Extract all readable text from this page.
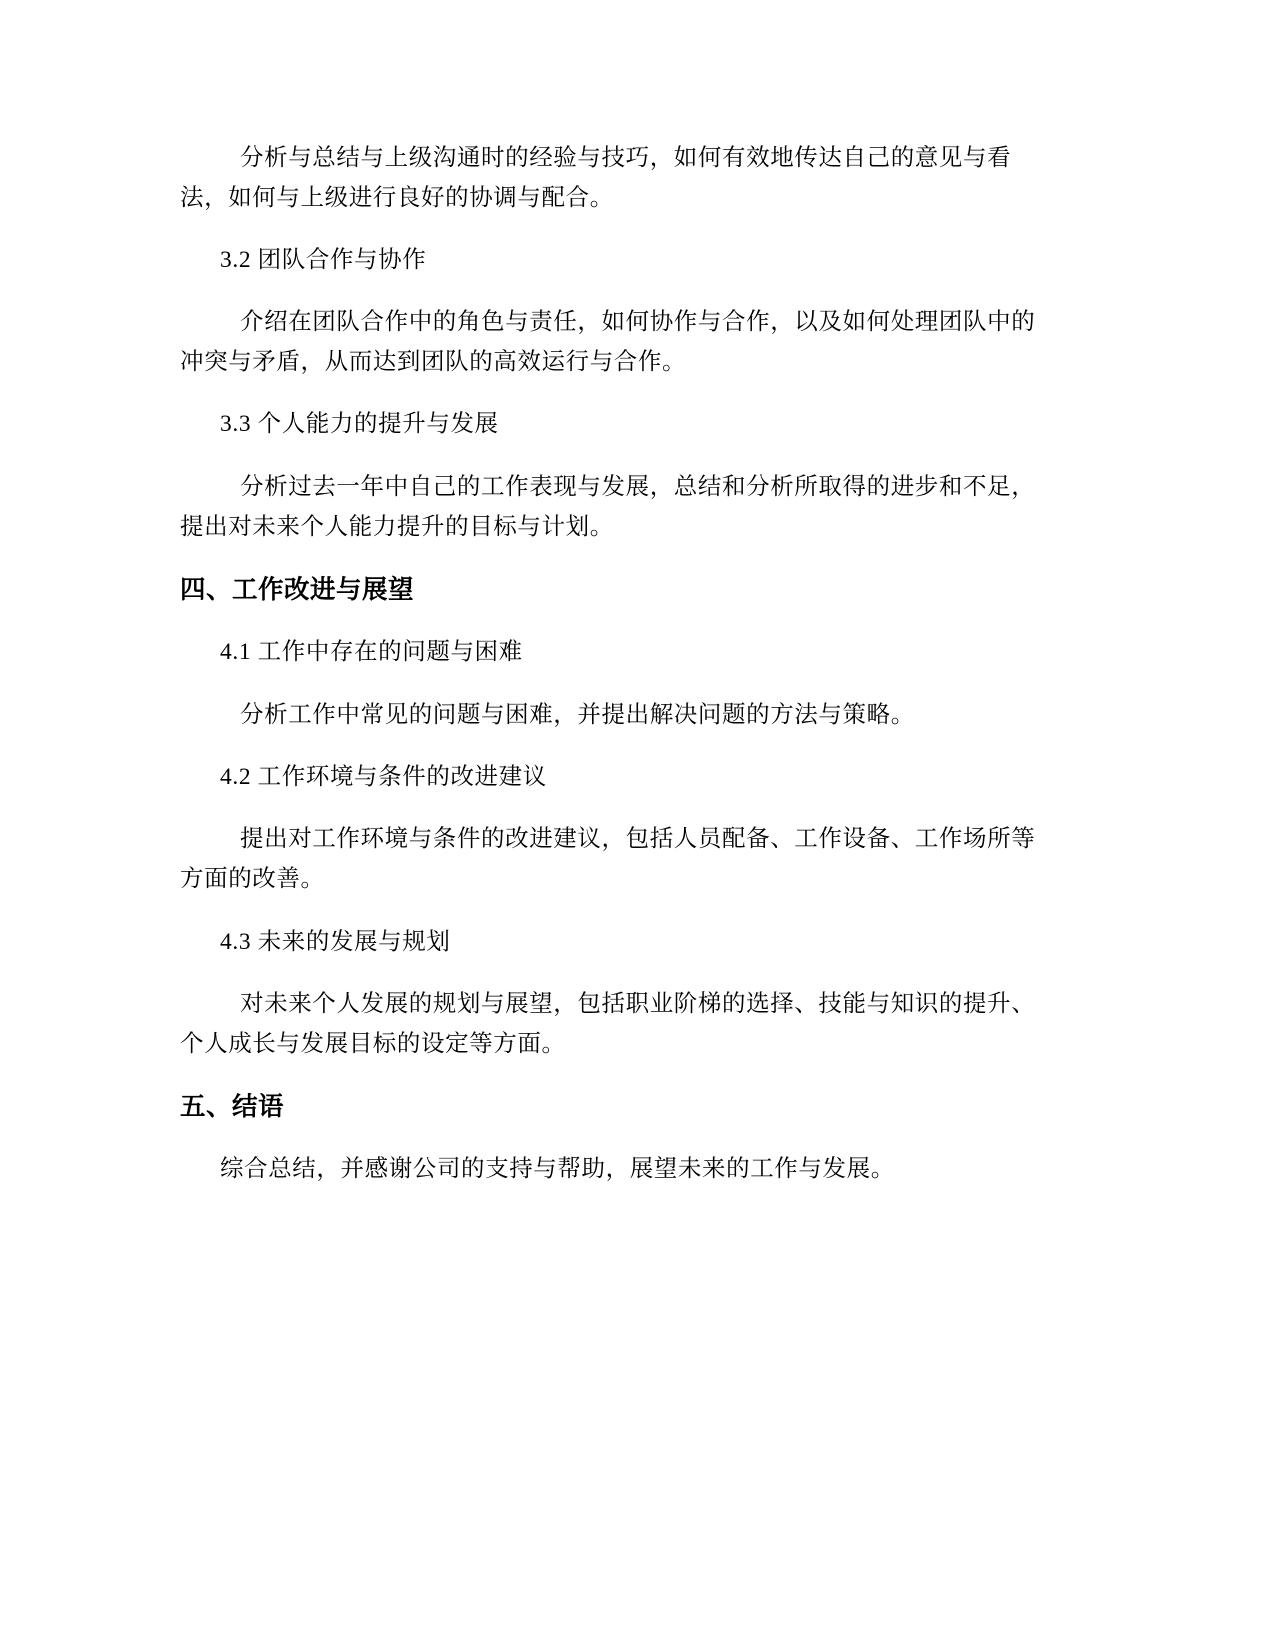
分析与总结与上级沟通时的经验与技巧，如何有效地传达自己的意见与看
法，如何与上级进行良好的协调与配合。

3.2 团队合作与协作

介绍在团队合作中的角色与责任，如何协作与合作，以及如何处理团队中的
冲突与矛盾，从而达到团队的高效运行与合作。

3.3 个人能力的提升与发展

分析过去一年中自己的工作表现与发展，总结和分析所取得的进步和不足，
提出对未来个人能力提升的目标与计划。

四、工作改进与展望
4.1 工作中存在的问题与困难

分析工作中常见的问题与困难，并提出解决问题的方法与策略。

4.2 工作环境与条件的改进建议

提出对工作环境与条件的改进建议，包括人员配备、工作设备、工作场所等
方面的改善。

4.3 未来的发展与规划

对未来个人发展的规划与展望，包括职业阶梯的选择、技能与知识的提升、
个人成长与发展目标的设定等方面。

五、结语

综合总结，并感谢公司的支持与帮助，展望未来的工作与发展。
